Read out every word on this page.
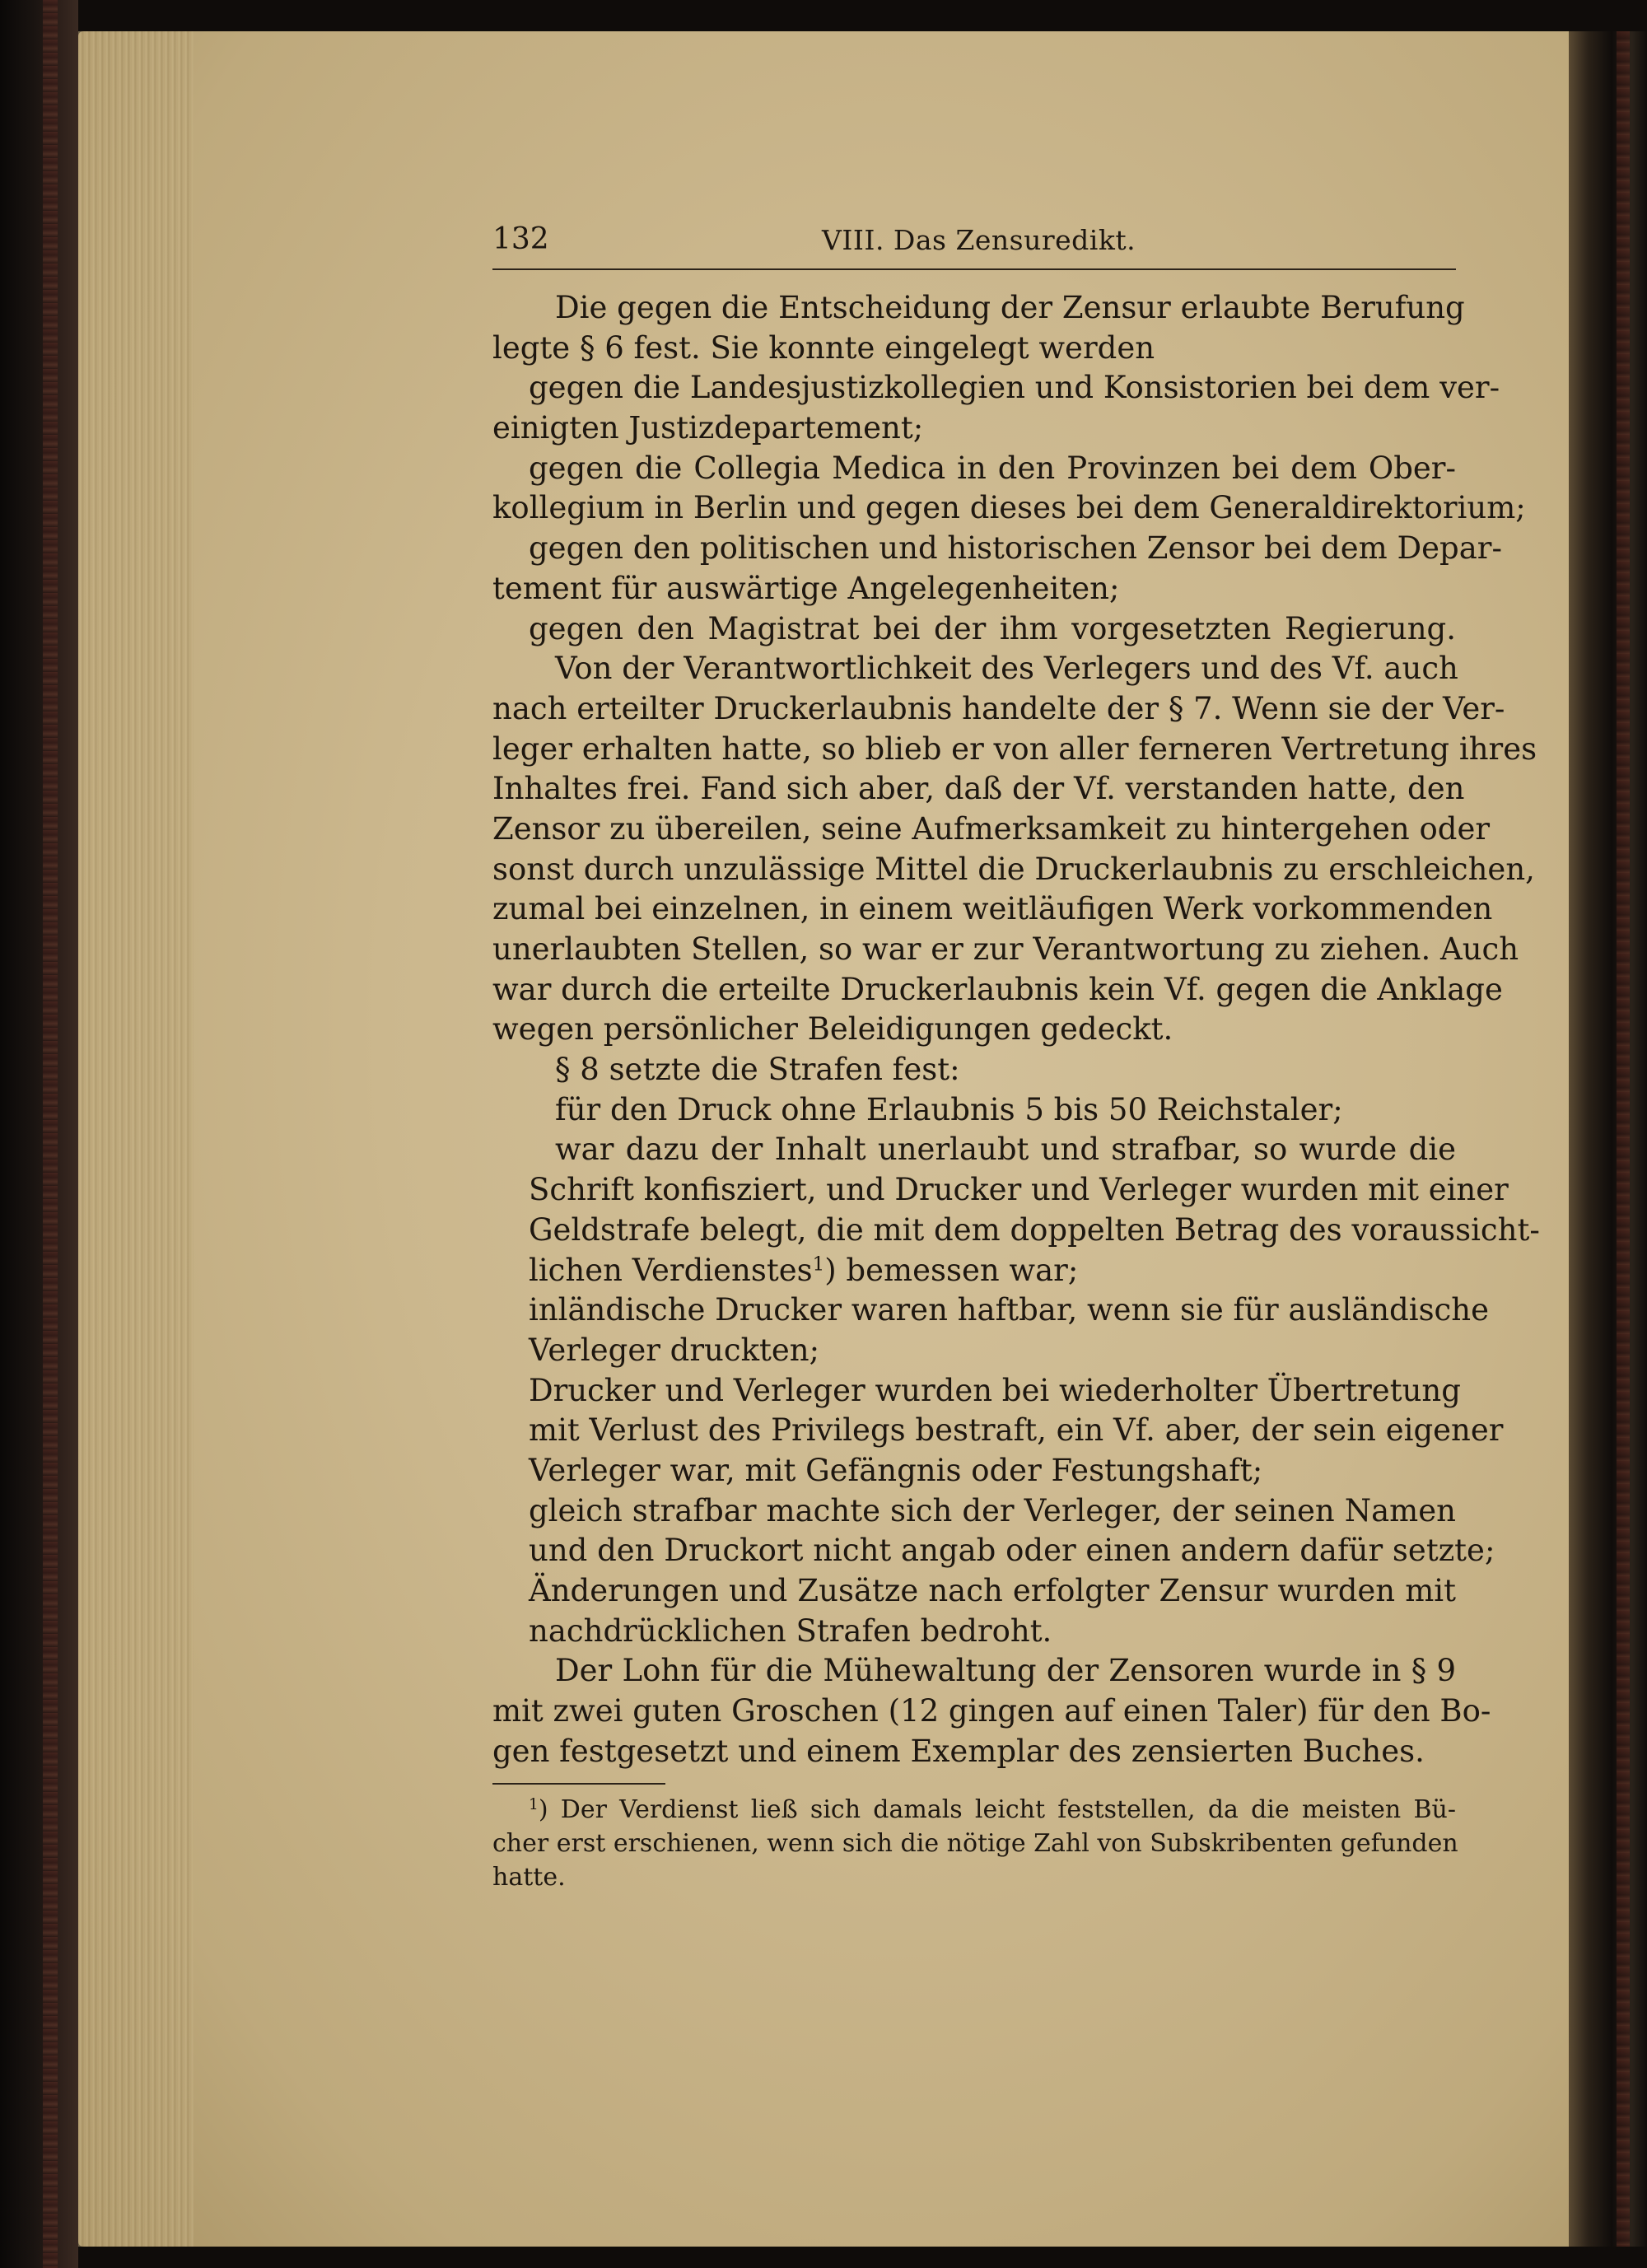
132	VIII. Das Zensuredikt.
Die gegen die Entscheidung der Zensur erlaubte Berufung
legte § 6 fest. Sie konnte eingelegt werden
gegen die Landesjustizkollegien und Konsistorien bei dem ver-
einigten Justizdepartement;
gegen die Collegia Medica in den Provinzen bei dem Ober-
kollegium in Berlin und gegen dieses bei dem Generaldirektorium;
gegen den politischen und historischen Zensor bei dem Depar-
tement für auswärtige Angelegenheiten;
gegen den Magistrat bei der ihm vorgesetzten Regierung.
Von der Verantwortlichkeit des Verlegers und des Vf. auch
nach erteilter Druckerlaubnis handelte der § 7. Wenn sie der Ver-
leger erhalten hatte, so blieb er von aller ferneren Vertretung ihres
Inhaltes frei. Fand sich aber, daß der Vf. verstanden hatte, den
Zensor zu übereilen, seine Aufmerksamkeit zu hintergehen oder
sonst durch unzulässige Mittel die Druckerlaubnis zu erschleichen,
zumal bei einzelnen, in einem weitläufigen Werk vorkommenden
unerlaubten Stellen, so war er zur Verantwortung zu ziehen. Auch
war durch die erteilte Druckerlaubnis kein Vf. gegen die Anklage
wegen persönlicher Beleidigungen gedeckt.
§ 8 setzte die Strafen fest:
für den Druck ohne Erlaubnis 5 bis 50 Reichstaler;
war dazu der Inhalt unerlaubt und strafbar, so wurde die
Schrift konfisziert, und Drucker und Verleger wurden mit einer
Geldstrafe belegt, die mit dem doppelten Betrag des voraussicht-
lichen Verdienstes$^1$) bemessen war;
inländische Drucker waren haftbar, wenn sie für ausländische
Verleger druckten;
Drucker und Verleger wurden bei wiederholter Übertretung
mit Verlust des Privilegs bestraft, ein Vf. aber, der sein eigener
Verleger war, mit Gefängnis oder Festungshaft;
gleich strafbar machte sich der Verleger, der seinen Namen
und den Druckort nicht angab oder einen andern dafür setzte;
Änderungen und Zusätze nach erfolgter Zensur wurden mit
nachdrücklichen Strafen bedroht.
Der Lohn für die Mühewaltung der Zensoren wurde in § 9
mit zwei guten Groschen (12 gingen auf einen Taler) für den Bo-
gen festgesetzt und einem Exemplar des zensierten Buches.
$^1$) Der Verdienst ließ sich damals leicht feststellen, da die meisten Bü-
cher erst erschienen, wenn sich die nötige Zahl von Subskribenten gefunden
hatte.
